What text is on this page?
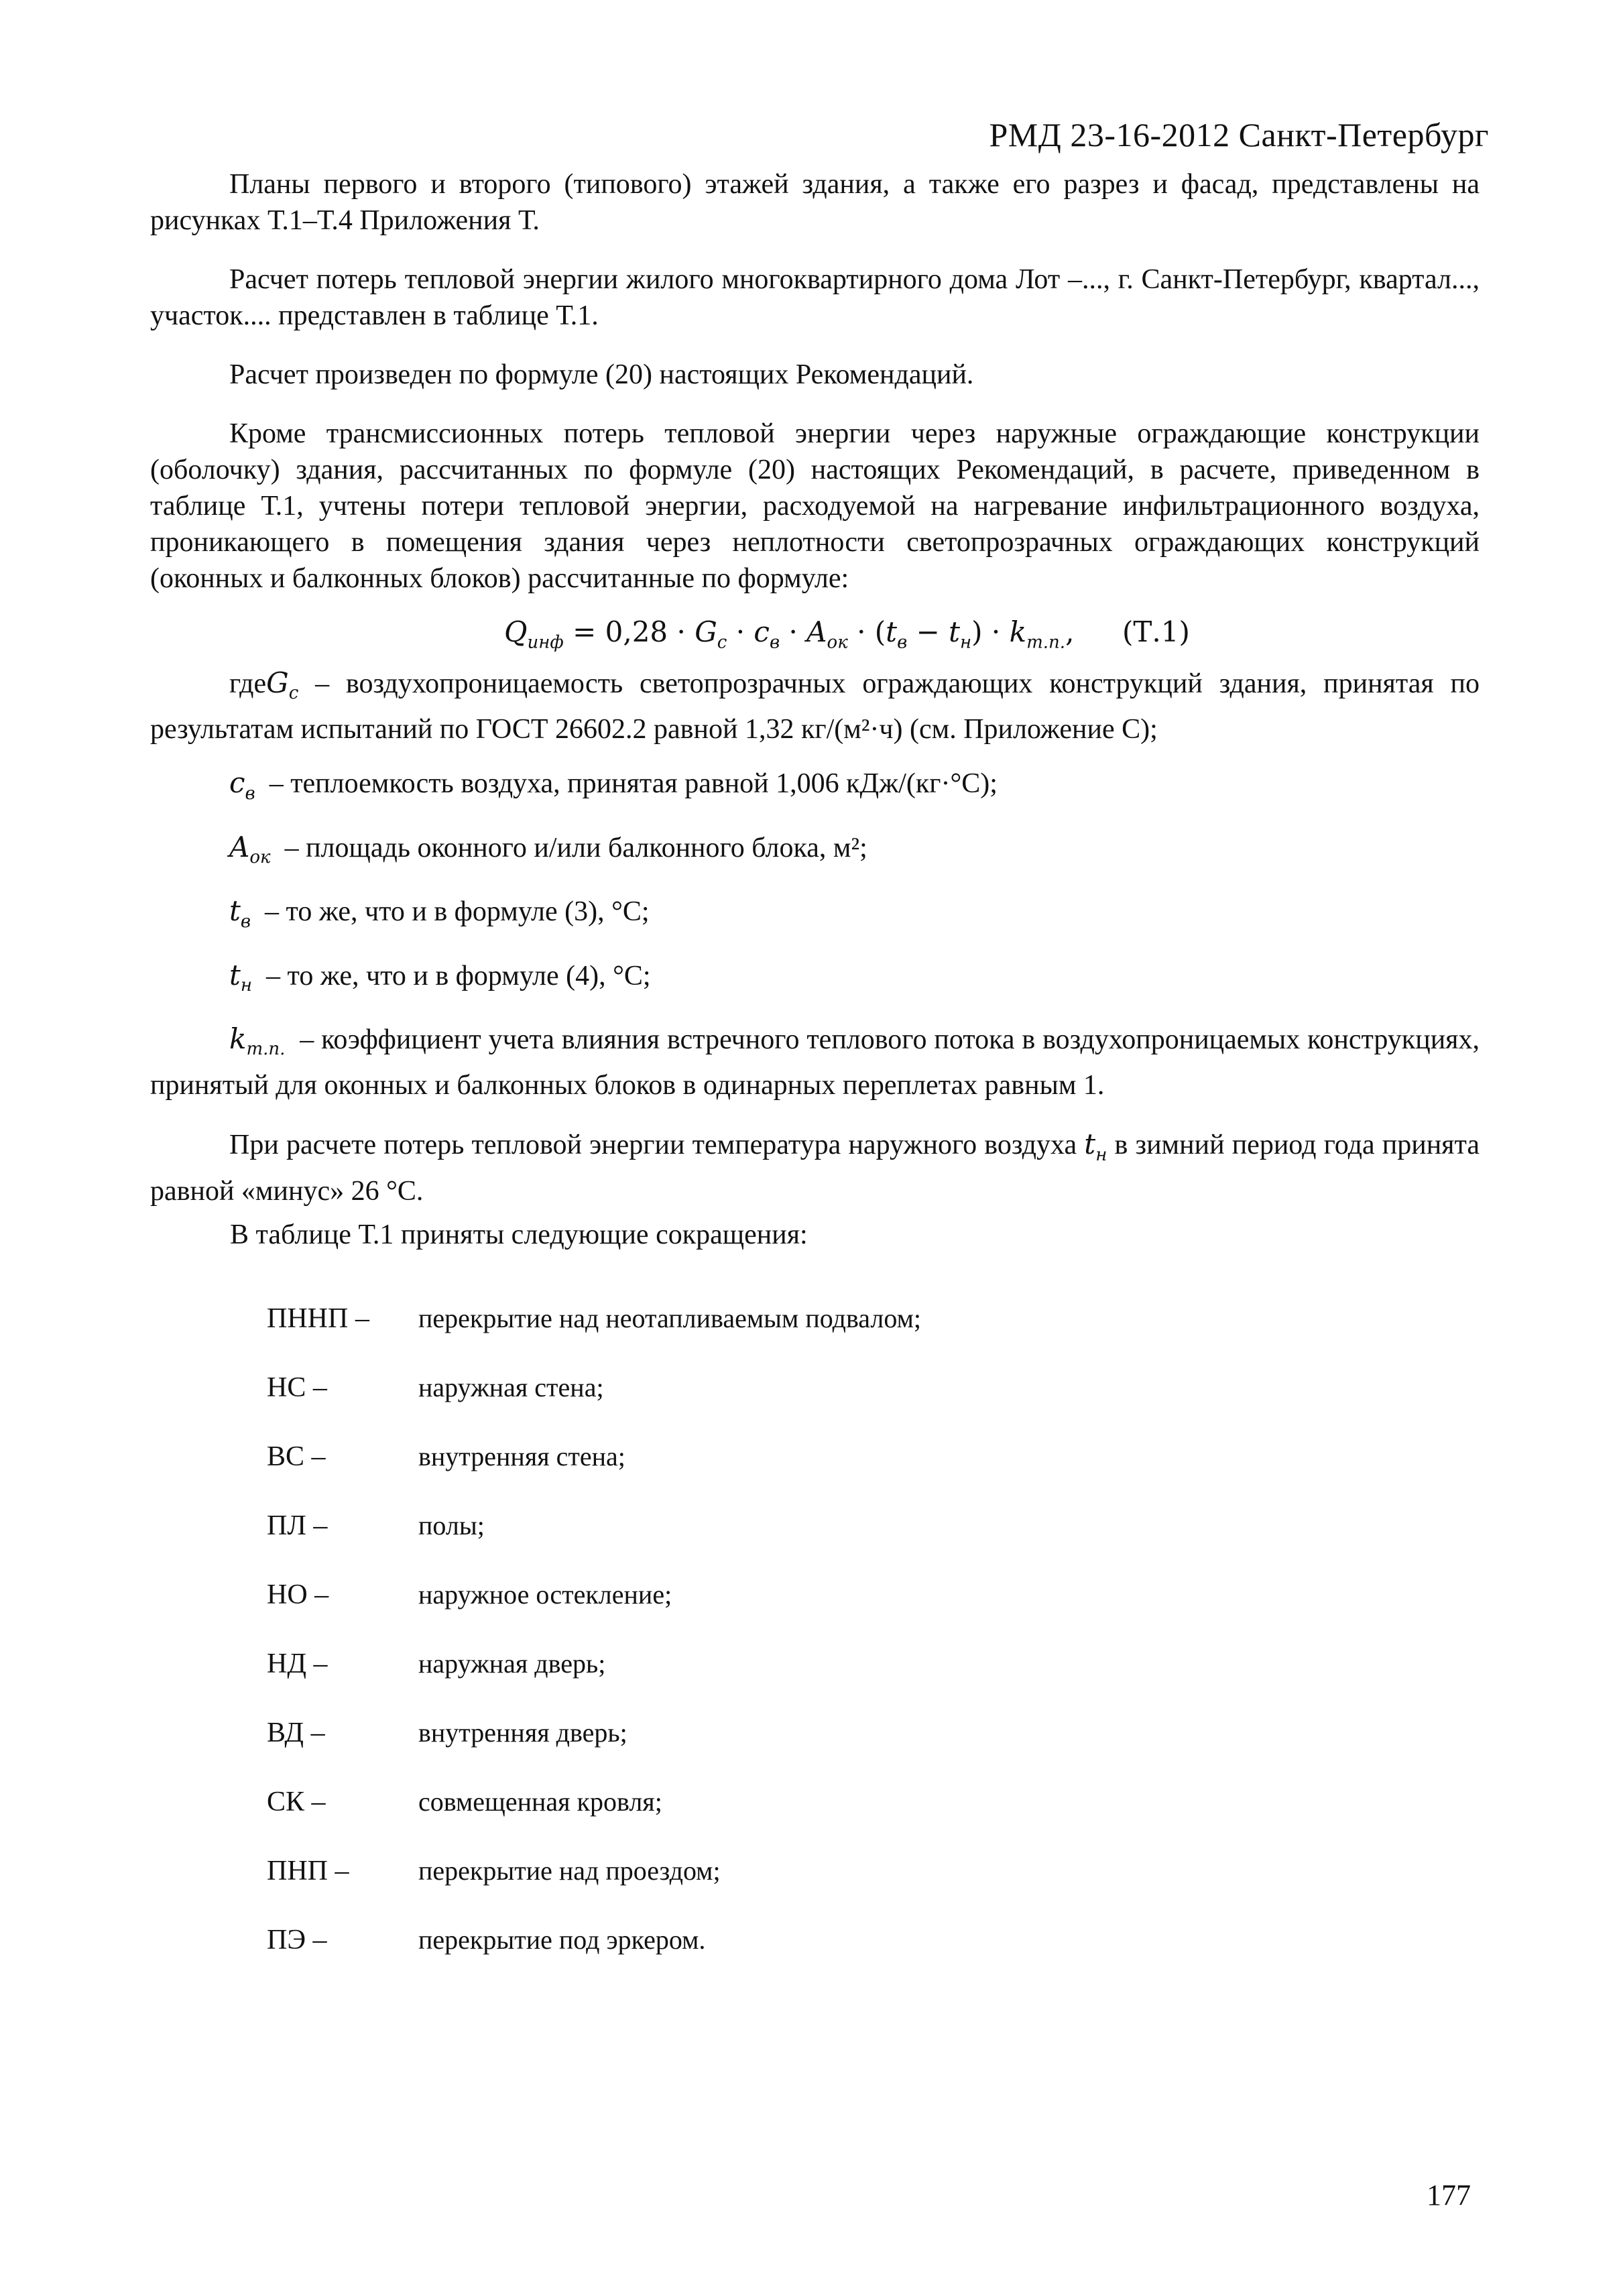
РМД 23-16-2012 Санкт-Петербург

Планы первого и второго (типового) этажей здания, а также его разрез и фасад, представлены на рисунках Т.1–Т.4 Приложения Т.

Расчет потерь тепловой энергии жилого многоквартирного дома Лот –..., г. Санкт-Петербург, квартал..., участок.... представлен в таблице Т.1.

Расчет произведен по формуле (20) настоящих Рекомендаций.

Кроме трансмиссионных потерь тепловой энергии через наружные ограждающие конструкции (оболочку) здания, рассчитанных по формуле (20) настоящих Рекомендаций, в расчете, приведенном в таблице Т.1, учтены потери тепловой энергии, расходуемой на нагревание инфильтрационного воздуха, проникающего в помещения здания через неплотности светопрозрачных ограждающих конструкций (оконных и балконных блоков) рассчитанные по формуле:

$Q_{инф} = 0,28 \cdot G_c \cdot c_в \cdot A_{ок} \cdot (t_в - t_н) \cdot k_{т.п.}$, (Т.1)

гдеG$_c$ – воздухопроницаемость светопрозрачных ограждающих конструкций здания, принятая по результатам испытаний по ГОСТ 26602.2 равной 1,32 кг/(м²·ч) (см. Приложение С);

$c_в$ – теплоемкость воздуха, принятая равной 1,006 кДж/(кг·°С);

$A_{ок}$ – площадь оконного и/или балконного блока, м²;

$t_в$ – то же, что и в формуле (3), °С;

$t_н$ – то же, что и в формуле (4), °С;

$k_{т.п.}$ – коэффициент учета влияния встречного теплового потока в воздухопроницаемых конструкциях, принятый для оконных и балконных блоков в одинарных переплетах равным 1.

При расчете потерь тепловой энергии температура наружного воздуха $t_н$ в зимний период года принята равной «минус» 26 °С.

В таблице Т.1 приняты следующие сокращения:
ПННП –	перекрытие над неотапливаемым подвалом;
НС –	наружная стена;
ВС –	внутренняя стена;
ПЛ –	полы;
НО –	наружное остекление;
НД –	наружная дверь;
ВД –	внутренняя дверь;
СК –	совмещенная кровля;
ПНП –	перекрытие над проездом;
ПЭ –	перекрытие под эркером.
177
